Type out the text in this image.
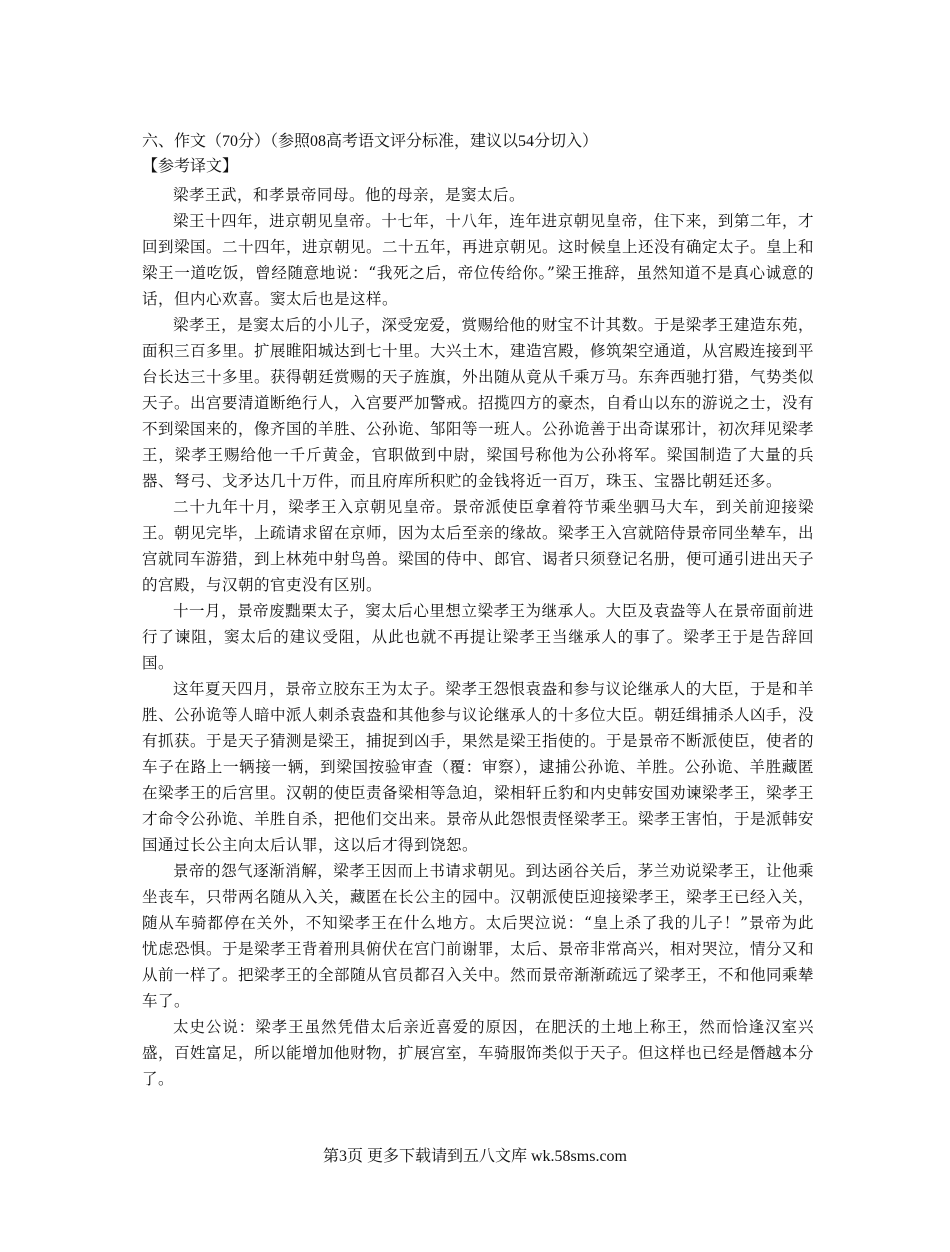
六、作文（70分）（参照08高考语文评分标准，建议以54分切入）

【参考译文】

梁孝王武，和孝景帝同母。他的母亲，是窦太后。

梁王十四年，进京朝见皇帝。十七年，十八年，连年进京朝见皇帝，住下来，到第二年，才回到梁国。二十四年，进京朝见。二十五年，再进京朝见。这时候皇上还没有确定太子。皇上和梁王一道吃饭，曾经随意地说：“我死之后，帝位传给你。”梁王推辞，虽然知道不是真心诚意的话，但内心欢喜。窦太后也是这样。

梁孝王，是窦太后的小儿子，深受宠爱，赏赐给他的财宝不计其数。于是梁孝王建造东苑，面积三百多里。扩展睢阳城达到七十里。大兴土木，建造宫殿，修筑架空通道，从宫殿连接到平台长达三十多里。获得朝廷赏赐的天子旌旗，外出随从竟从千乘万马。东奔西驰打猎，气势类似天子。出宫要清道断绝行人，入宫要严加警戒。招揽四方的豪杰，自肴山以东的游说之士，没有不到梁国来的，像齐国的羊胜、公孙诡、邹阳等一班人。公孙诡善于出奇谋邪计，初次拜见梁孝王，梁孝王赐给他一千斤黄金，官职做到中尉，梁国号称他为公孙将军。梁国制造了大量的兵器、弩弓、戈矛达几十万件，而且府库所积贮的金钱将近一百万，珠玉、宝器比朝廷还多。

二十九年十月，梁孝王入京朝见皇帝。景帝派使臣拿着符节乘坐驷马大车，到关前迎接梁王。朝见完毕，上疏请求留在京师，因为太后至亲的缘故。梁孝王入宫就陪侍景帝同坐辇车，出宫就同车游猎，到上林苑中射鸟兽。梁国的侍中、郎官、谒者只须登记名册，便可通引进出天子的宫殿，与汉朝的官吏没有区别。

十一月，景帝废黜栗太子，窦太后心里想立梁孝王为继承人。大臣及袁盎等人在景帝面前进行了谏阻，窦太后的建议受阻，从此也就不再提让梁孝王当继承人的事了。梁孝王于是告辞回国。

这年夏天四月，景帝立胶东王为太子。梁孝王怨恨袁盎和参与议论继承人的大臣，于是和羊胜、公孙诡等人暗中派人刺杀袁盎和其他参与议论继承人的十多位大臣。朝廷缉捕杀人凶手，没有抓获。于是天子猜测是梁王，捕捉到凶手，果然是梁王指使的。于是景帝不断派使臣，使者的车子在路上一辆接一辆，到梁国按验审查（覆：审察），逮捕公孙诡、羊胜。公孙诡、羊胜藏匿在梁孝王的后宫里。汉朝的使臣责备梁相等急迫，梁相轩丘豹和内史韩安国劝谏梁孝王，梁孝王才命令公孙诡、羊胜自杀，把他们交出来。景帝从此怨恨责怪梁孝王。梁孝王害怕，于是派韩安国通过长公主向太后认罪，这以后才得到饶恕。

景帝的怨气逐渐消解，梁孝王因而上书请求朝见。到达函谷关后，茅兰劝说梁孝王，让他乘坐丧车，只带两名随从入关，藏匿在长公主的园中。汉朝派使臣迎接梁孝王，梁孝王已经入关，随从车骑都停在关外，不知梁孝王在什么地方。太后哭泣说：“皇上杀了我的儿子！”景帝为此忧虑恐惧。于是梁孝王背着刑具俯伏在宫门前谢罪，太后、景帝非常高兴，相对哭泣，情分又和从前一样了。把梁孝王的全部随从官员都召入关中。然而景帝渐渐疏远了梁孝王，不和他同乘辇车了。

太史公说：梁孝王虽然凭借太后亲近喜爱的原因，在肥沃的土地上称王，然而恰逢汉室兴盛，百姓富足，所以能增加他财物，扩展宫室，车骑服饰类似于天子。但这样也已经是僭越本分了。

第3页 更多下载请到五八文库 wk.58sms.com
